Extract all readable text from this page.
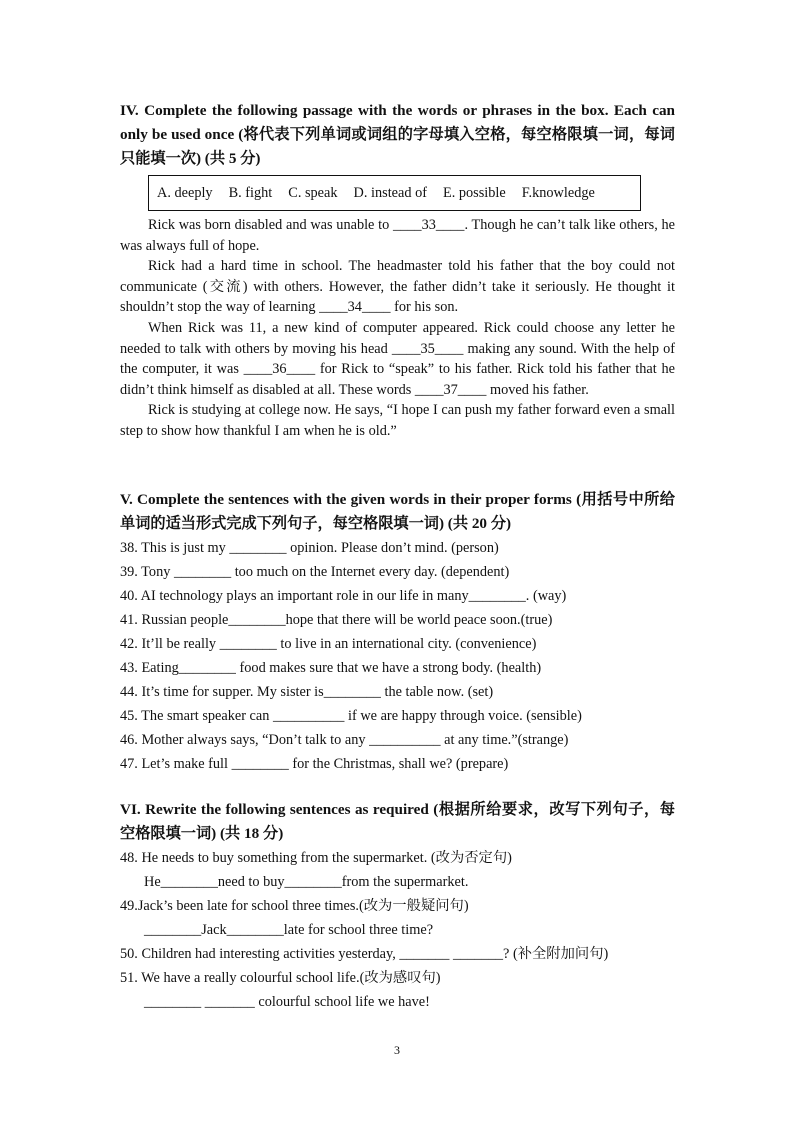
IV. Complete the following passage with the words or phrases in the box. Each can only be used once (将代表下列单词或词组的字母填入空格，每空格限填一词，每词只能填一次) (共 5 分)
A. deeply B. fight C. speak D. instead of E. possible F.knowledge

Rick was born disabled and was unable to ____33____. Though he can’t talk like others, he was always full of hope.

Rick had a hard time in school. The headmaster told his father that the boy could not communicate (交流) with others. However, the father didn’t take it seriously. He thought it shouldn’t stop the way of learning ____34____ for his son.

When Rick was 11, a new kind of computer appeared. Rick could choose any letter he needed to talk with others by moving his head ____35____ making any sound. With the help of the computer, it was ____36____ for Rick to “speak” to his father. Rick told his father that he didn’t think himself as disabled at all. These words ____37____ moved his father.

Rick is studying at college now. He says, “I hope I can push my father forward even a small step to show how thankful I am when he is old.”

V. Complete the sentences with the given words in their proper forms (用括号中所给单词的适当形式完成下列句子，每空格限填一词) (共 20 分)
38. This is just my ________ opinion. Please don’t mind. (person)
39. Tony ________ too much on the Internet every day. (dependent)
40. AI technology plays an important role in our life in many________. (way)
41. Russian people________hope that there will be world peace soon.(true)
42. It’ll be really ________ to live in an international city. (convenience)
43. Eating________ food makes sure that we have a strong body. (health)
44. It’s time for supper. My sister is________ the table now. (set)
45. The smart speaker can __________ if we are happy through voice. (sensible)
46. Mother always says, “Don’t talk to any __________ at any time.”(strange)
47. Let’s make full ________ for the Christmas, shall we? (prepare)
VI. Rewrite the following sentences as required (根据所给要求，改写下列句子，每空格限填一词) (共 18 分)
48. He needs to buy something from the supermarket. (改为否定句)
He________need to buy________from the supermarket.
49.Jack’s been late for school three times.(改为一般疑问句)
________Jack________late for school three time?
50. Children had interesting activities yesterday, _______ _______? (补全附加问句)
51. We have a really colourful school life.(改为感叹句)
________ _______ colourful school life we have!
3
